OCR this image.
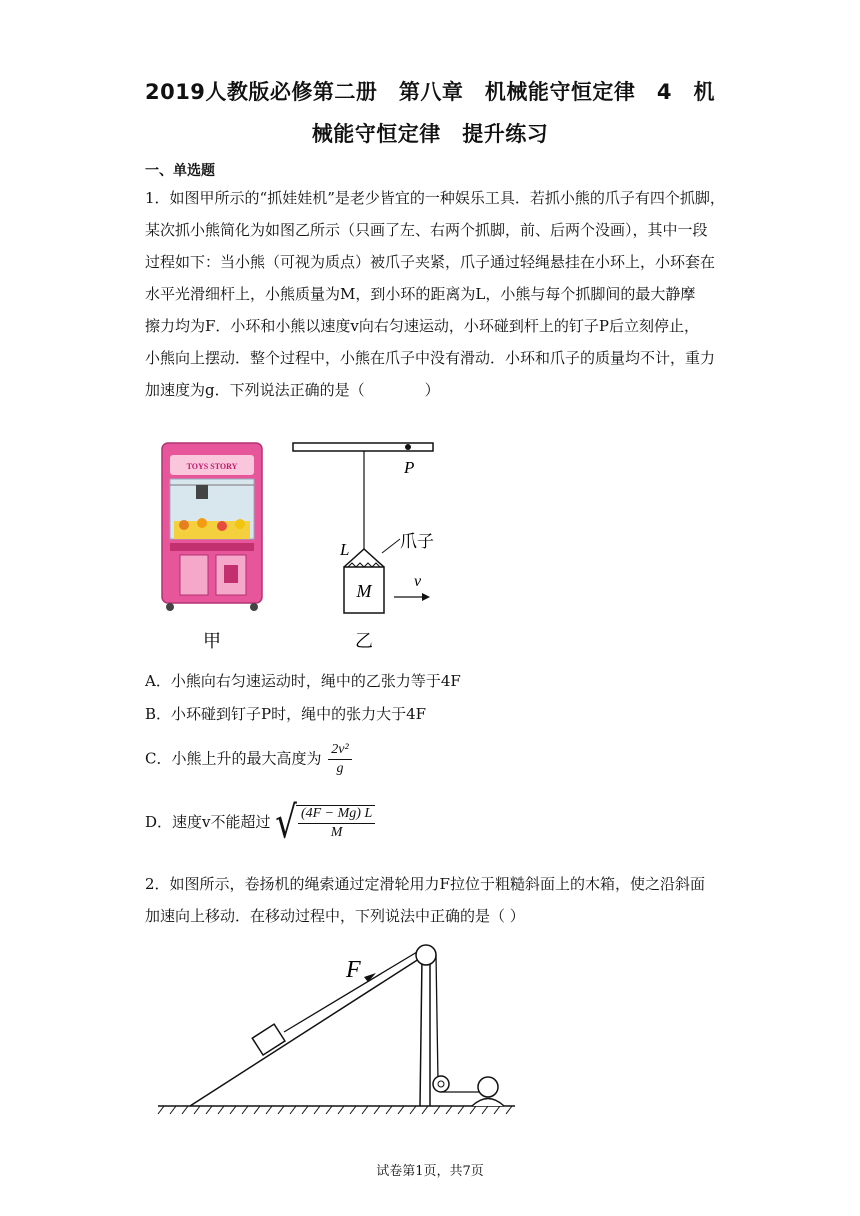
2019人教版必修第二册　第八章　机械能守恒定律　4　机
械能守恒定律　提升练习
一、单选题
1．如图甲所示的“抓娃娃机”是老少皆宜的一种娱乐工具．若抓小熊的爪子有四个抓脚，
某次抓小熊简化为如图乙所示（只画了左、右两个抓脚，前、后两个没画），其中一段
过程如下：当小熊（可视为质点）被爪子夹紧，爪子通过轻绳悬挂在小环上，小环套在
水平光滑细杆上，小熊质量为M，到小环的距离为L，小熊与每个抓脚间的最大静摩
擦力均为F．小环和小熊以速度v向右匀速运动，小环碰到杆上的钉子P后立刻停止，
小熊向上摆动．整个过程中，小熊在爪子中没有滑动．小环和爪子的质量均不计，重力
加速度为g．下列说法正确的是（　　　　）
TOYS STORY
甲
P
M
L	爪子
v
乙
A．小熊向右匀速运动时，绳中的乙张力等于4F
B．小环碰到钉子P时，绳中的张力大于4F
C．小熊上升的最大高度为 $\frac{\text{2v²}}{g}$
D．速度v不能超过 √ $\frac{(4F - Mg) L}{M}$
2．如图所示，卷扬机的绳索通过定滑轮用力F拉位于粗糙斜面上的木箱，使之沿斜面
加速向上移动．在移动过程中，下列说法中正确的是（ ）
F
试卷第1页，共7页
